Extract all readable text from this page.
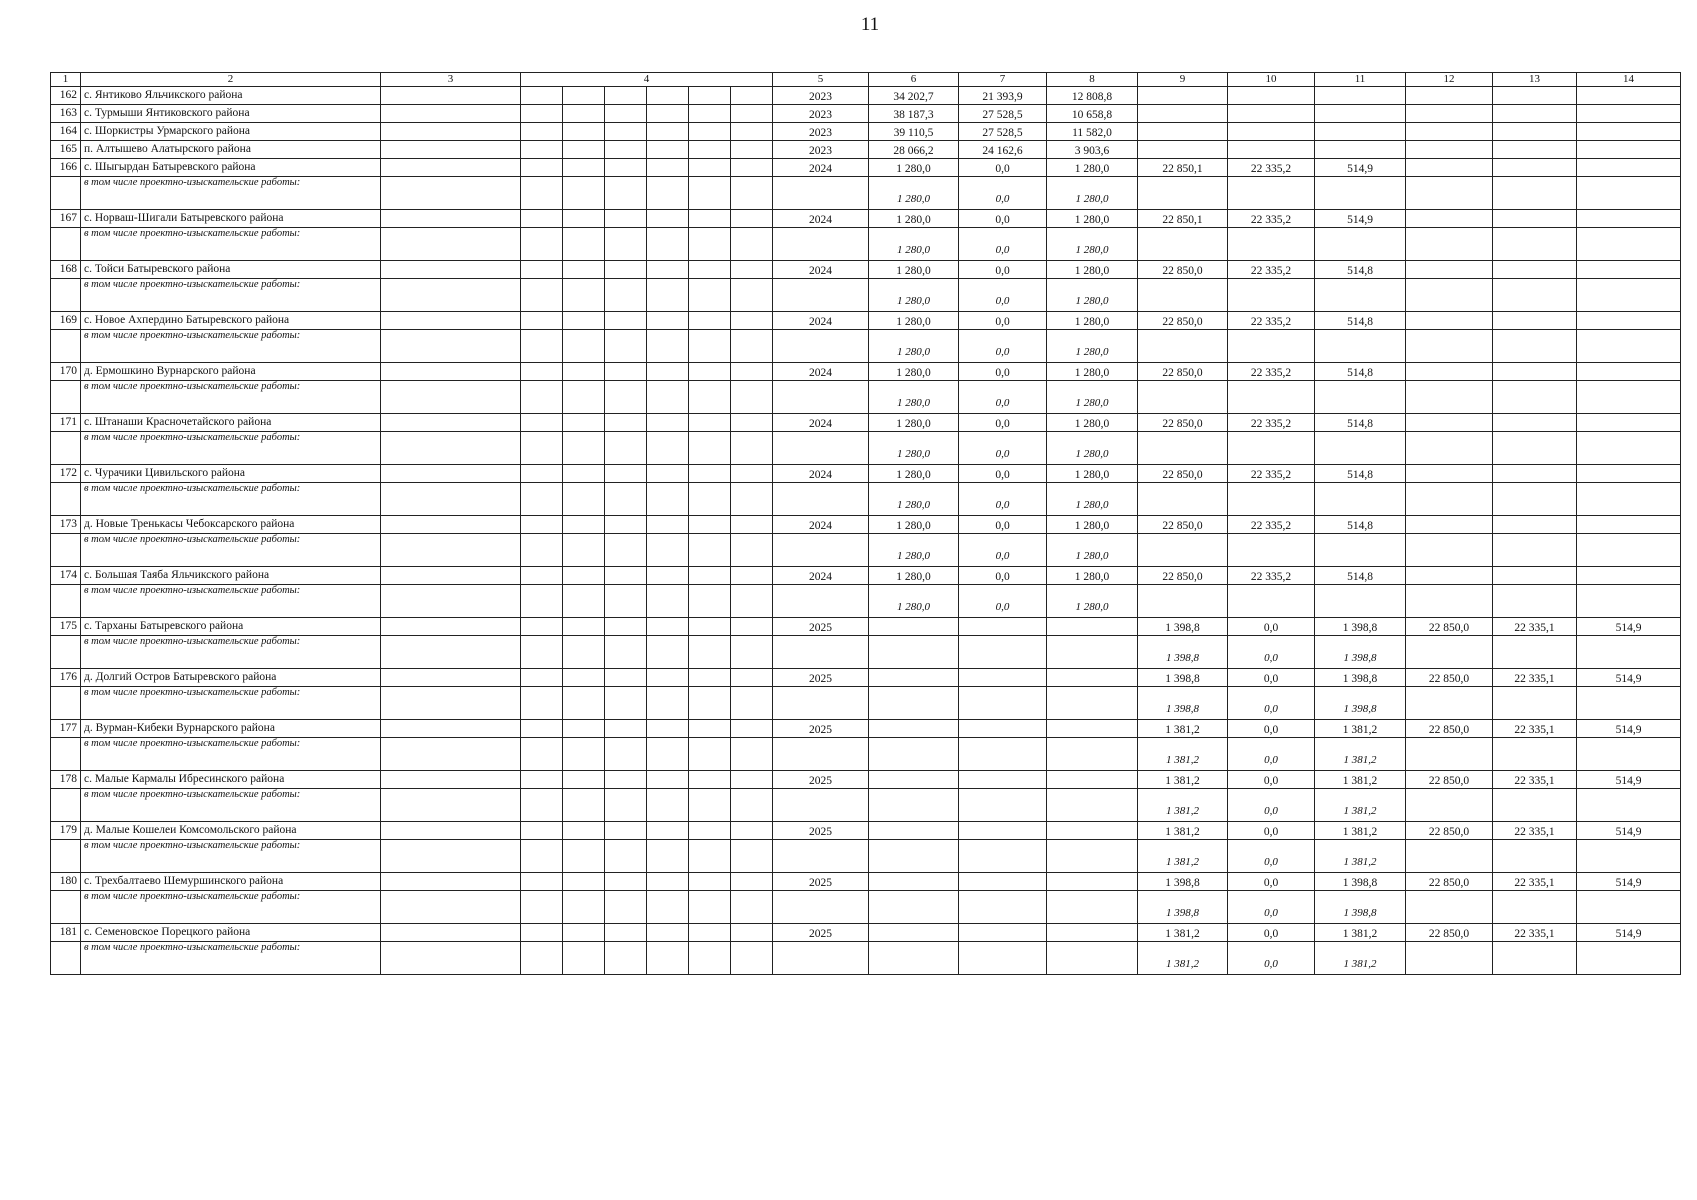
11
1	2	3	4	5	6	7	8	9	10	11	12	13	14
162	с. Янтиково Яльчикского района			2023	34 202,7	21 393,9	12 808,8						
163	с. Турмыши Янтиковского района			2023	38 187,3	27 528,5	10 658,8						
164	с. Шоркистры Урмарского района			2023	39 110,5	27 528,5	11 582,0						
165	п. Алтышево Алатырского района			2023	28 066,2	24 162,6	3 903,6						
166	с. Шыгырдан Батыревского района			2024	1 280,0	0,0	1 280,0	22 850,1	22 335,2	514,9			
	в том числе проектно-изыскательские работы:				1 280,0	0,0	1 280,0						
167	с. Норваш-Шигали Батыревского района			2024	1 280,0	0,0	1 280,0	22 850,1	22 335,2	514,9			
	в том числе проектно-изыскательские работы:				1 280,0	0,0	1 280,0						
168	с. Тойси Батыревского района			2024	1 280,0	0,0	1 280,0	22 850,0	22 335,2	514,8			
	в том числе проектно-изыскательские работы:				1 280,0	0,0	1 280,0						
169	с. Новое Ахпердино Батыревского района			2024	1 280,0	0,0	1 280,0	22 850,0	22 335,2	514,8			
	в том числе проектно-изыскательские работы:				1 280,0	0,0	1 280,0						
170	д. Ермошкино Вурнарского района			2024	1 280,0	0,0	1 280,0	22 850,0	22 335,2	514,8			
	в том числе проектно-изыскательские работы:				1 280,0	0,0	1 280,0						
171	с. Штанаши Красночетайского района			2024	1 280,0	0,0	1 280,0	22 850,0	22 335,2	514,8			
	в том числе проектно-изыскательские работы:				1 280,0	0,0	1 280,0						
172	с. Чурачики Цивильского района			2024	1 280,0	0,0	1 280,0	22 850,0	22 335,2	514,8			
	в том числе проектно-изыскательские работы:				1 280,0	0,0	1 280,0						
173	д. Новые Тренькасы Чебоксарского района			2024	1 280,0	0,0	1 280,0	22 850,0	22 335,2	514,8			
	в том числе проектно-изыскательские работы:				1 280,0	0,0	1 280,0						
174	с. Большая Таяба Яльчикского района			2024	1 280,0	0,0	1 280,0	22 850,0	22 335,2	514,8			
	в том числе проектно-изыскательские работы:				1 280,0	0,0	1 280,0						
175	с. Тарханы Батыревского района			2025				1 398,8	0,0	1 398,8	22 850,0	22 335,1	514,9
	в том числе проектно-изыскательские работы:							1 398,8	0,0	1 398,8			
176	д. Долгий Остров Батыревского района			2025				1 398,8	0,0	1 398,8	22 850,0	22 335,1	514,9
	в том числе проектно-изыскательские работы:							1 398,8	0,0	1 398,8			
177	д. Вурман-Кибеки Вурнарского района			2025				1 381,2	0,0	1 381,2	22 850,0	22 335,1	514,9
	в том числе проектно-изыскательские работы:							1 381,2	0,0	1 381,2			
178	с. Малые Кармалы Ибресинского района			2025				1 381,2	0,0	1 381,2	22 850,0	22 335,1	514,9
	в том числе проектно-изыскательские работы:							1 381,2	0,0	1 381,2			
179	д. Малые Кошелеи Комсомольского района			2025				1 381,2	0,0	1 381,2	22 850,0	22 335,1	514,9
	в том числе проектно-изыскательские работы:							1 381,2	0,0	1 381,2			
180	с. Трехбалтаево Шемуршинского района			2025				1 398,8	0,0	1 398,8	22 850,0	22 335,1	514,9
	в том числе проектно-изыскательские работы:							1 398,8	0,0	1 398,8			
181	с. Семеновское Порецкого района			2025				1 381,2	0,0	1 381,2	22 850,0	22 335,1	514,9
	в том числе проектно-изыскательские работы:							1 381,2	0,0	1 381,2			
